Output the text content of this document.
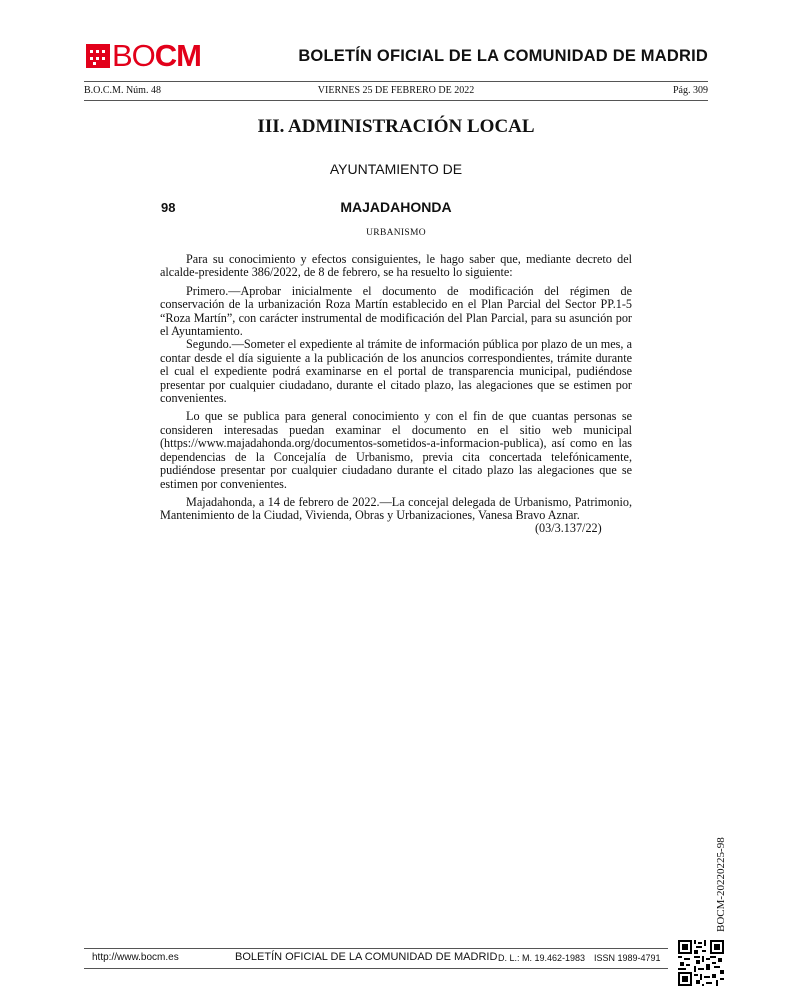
BOCM	BOLETÍN OFICIAL DE LA COMUNIDAD DE MADRID
B.O.C.M. Núm. 48	VIERNES 25 DE FEBRERO DE 2022	Pág. 309
III. ADMINISTRACIÓN LOCAL
AYUNTAMIENTO DE
98	MAJADAHONDA
URBANISMO

Para su conocimiento y efectos consiguientes, le hago saber que, mediante decreto del alcalde-presidente 386/2022, de 8 de febrero, se ha resuelto lo siguiente:

Primero.—Aprobar inicialmente el documento de modificación del régimen de conservación de la urbanización Roza Martín establecido en el Plan Parcial del Sector PP.1-5 “Roza Martín”, con carácter instrumental de modificación del Plan Parcial, para su asunción por el Ayuntamiento.

Segundo.—Someter el expediente al trámite de información pública por plazo de un mes, a contar desde el día siguiente a la publicación de los anuncios correspondientes, trámite durante el cual el expediente podrá examinarse en el portal de transparencia municipal, pudiéndose presentar por cualquier ciudadano, durante el citado plazo, las alegaciones que se estimen por convenientes.

Lo que se publica para general conocimiento y con el fin de que cuantas personas se consideren interesadas puedan examinar el documento en el sitio web municipal (https://www.majadahonda.org/documentos-sometidos-a-informacion-publica), así como en las dependencias de la Concejalía de Urbanismo, previa cita concertada telefónicamente, pudiéndose presentar por cualquier ciudadano durante el citado plazo las alegaciones que se estimen por convenientes.

Majadahonda, a 14 de febrero de 2022.—La concejal delegada de Urbanismo, Patrimonio, Mantenimiento de la Ciudad, Vivienda, Obras y Urbanizaciones, Vanesa Bravo Aznar.

(03/3.137/22)
BOCM-20220225-98
http://www.bocm.es	BOLETÍN OFICIAL DE LA COMUNIDAD DE MADRID D. L.: M. 19.462-1983 ISSN 1989-4791
